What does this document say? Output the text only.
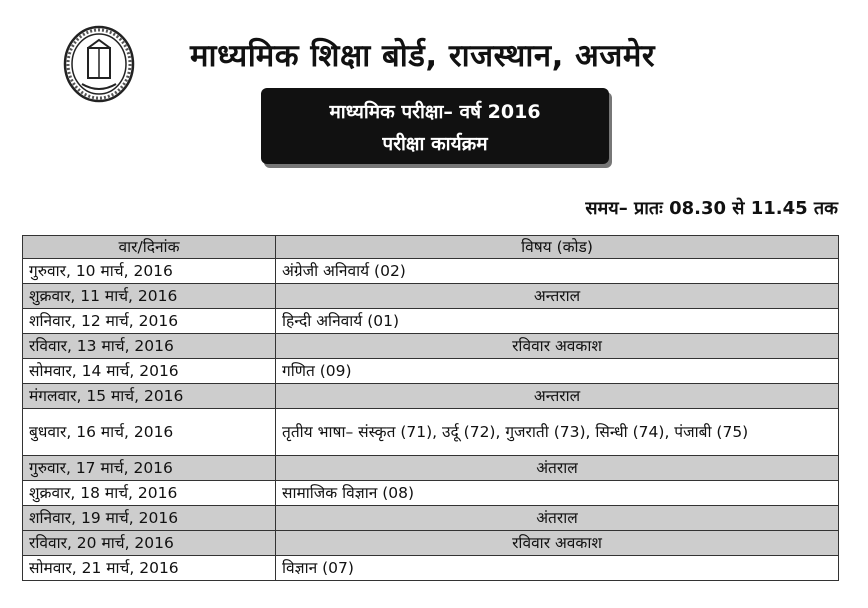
माध्यमिक शिक्षा बोर्ड, राजस्थान, अजमेर
माध्यमिक परीक्षा– वर्ष 2016
परीक्षा कार्यक्रम
समय– प्रातः 08.30 से 11.45 तक
वार/दिनांक	विषय (कोड)
गुरुवार, 10 मार्च, 2016	अंग्रेजी अनिवार्य (02)
शुक्रवार, 11 मार्च, 2016	अन्तराल
शनिवार, 12 मार्च, 2016	हिन्दी अनिवार्य (01)
रविवार, 13 मार्च, 2016	रविवार अवकाश
सोमवार, 14 मार्च, 2016	गणित (09)
मंगलवार, 15 मार्च, 2016	अन्तराल
बुधवार, 16 मार्च, 2016	तृतीय भाषा– संस्कृत (71), उर्दू (72), गुजराती (73), सिन्धी (74), पंजाबी (75)
गुरुवार, 17 मार्च, 2016	अंतराल
शुक्रवार, 18 मार्च, 2016	सामाजिक विज्ञान (08)
शनिवार, 19 मार्च, 2016	अंतराल
रविवार, 20 मार्च, 2016	रविवार अवकाश
सोमवार, 21 मार्च, 2016	विज्ञान (07)
